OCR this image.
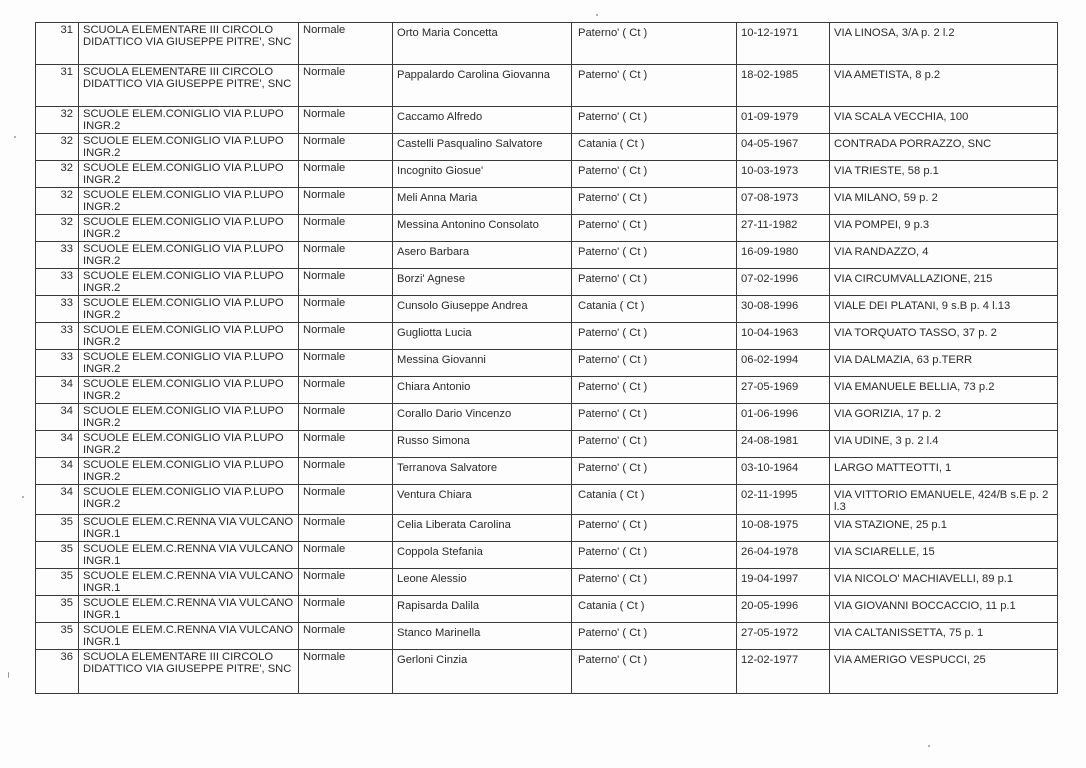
31	SCUOLA ELEMENTARE III CIRCOLO DIDATTICO VIA GIUSEPPE PITRE', SNC	Normale	Orto Maria Concetta	Paterno' ( Ct )	10-12-1971	VIA LINOSA, 3/A p. 2 l.2
31	SCUOLA ELEMENTARE III CIRCOLO DIDATTICO VIA GIUSEPPE PITRE', SNC	Normale	Pappalardo Carolina Giovanna	Paterno' ( Ct )	18-02-1985	VIA AMETISTA, 8 p.2
32	SCUOLE ELEM.CONIGLIO VIA P.LUPO INGR.2	Normale	Caccamo Alfredo	Paterno' ( Ct )	01-09-1979	VIA SCALA VECCHIA, 100
32	SCUOLE ELEM.CONIGLIO VIA P.LUPO INGR.2	Normale	Castelli Pasqualino Salvatore	Catania ( Ct )	04-05-1967	CONTRADA PORRAZZO, SNC
32	SCUOLE ELEM.CONIGLIO VIA P.LUPO INGR.2	Normale	Incognito Giosue'	Paterno' ( Ct )	10-03-1973	VIA TRIESTE, 58 p.1
32	SCUOLE ELEM.CONIGLIO VIA P.LUPO INGR.2	Normale	Meli Anna Maria	Paterno' ( Ct )	07-08-1973	VIA MILANO, 59 p. 2
32	SCUOLE ELEM.CONIGLIO VIA P.LUPO INGR.2	Normale	Messina Antonino Consolato	Paterno' ( Ct )	27-11-1982	VIA POMPEI, 9 p.3
33	SCUOLE ELEM.CONIGLIO VIA P.LUPO INGR.2	Normale	Asero Barbara	Paterno' ( Ct )	16-09-1980	VIA RANDAZZO, 4
33	SCUOLE ELEM.CONIGLIO VIA P.LUPO INGR.2	Normale	Borzi' Agnese	Paterno' ( Ct )	07-02-1996	VIA CIRCUMVALLAZIONE, 215
33	SCUOLE ELEM.CONIGLIO VIA P.LUPO INGR.2	Normale	Cunsolo Giuseppe Andrea	Catania ( Ct )	30-08-1996	VIALE DEI PLATANI, 9 s.B p. 4 l.13
33	SCUOLE ELEM.CONIGLIO VIA P.LUPO INGR.2	Normale	Gugliotta Lucia	Paterno' ( Ct )	10-04-1963	VIA TORQUATO TASSO, 37 p. 2
33	SCUOLE ELEM.CONIGLIO VIA P.LUPO INGR.2	Normale	Messina Giovanni	Paterno' ( Ct )	06-02-1994	VIA DALMAZIA, 63 p.TERR
34	SCUOLE ELEM.CONIGLIO VIA P.LUPO INGR.2	Normale	Chiara Antonio	Paterno' ( Ct )	27-05-1969	VIA EMANUELE BELLIA, 73 p.2
34	SCUOLE ELEM.CONIGLIO VIA P.LUPO INGR.2	Normale	Corallo Dario Vincenzo	Paterno' ( Ct )	01-06-1996	VIA GORIZIA, 17 p. 2
34	SCUOLE ELEM.CONIGLIO VIA P.LUPO INGR.2	Normale	Russo Simona	Paterno' ( Ct )	24-08-1981	VIA UDINE, 3 p. 2 l.4
34	SCUOLE ELEM.CONIGLIO VIA P.LUPO INGR.2	Normale	Terranova Salvatore	Paterno' ( Ct )	03-10-1964	LARGO MATTEOTTI, 1
34	SCUOLE ELEM.CONIGLIO VIA P.LUPO INGR.2	Normale	Ventura Chiara	Catania ( Ct )	02-11-1995	VIA VITTORIO EMANUELE, 424/B s.E p. 2 l.3
35	SCUOLE ELEM.C.RENNA VIA VULCANO INGR.1	Normale	Celia Liberata Carolina	Paterno' ( Ct )	10-08-1975	VIA STAZIONE, 25 p.1
35	SCUOLE ELEM.C.RENNA VIA VULCANO INGR.1	Normale	Coppola Stefania	Paterno' ( Ct )	26-04-1978	VIA SCIARELLE, 15
35	SCUOLE ELEM.C.RENNA VIA VULCANO INGR.1	Normale	Leone Alessio	Paterno' ( Ct )	19-04-1997	VIA NICOLO' MACHIAVELLI, 89 p.1
35	SCUOLE ELEM.C.RENNA VIA VULCANO INGR.1	Normale	Rapisarda Dalila	Catania ( Ct )	20-05-1996	VIA GIOVANNI BOCCACCIO, 11 p.1
35	SCUOLE ELEM.C.RENNA VIA VULCANO INGR.1	Normale	Stanco Marinella	Paterno' ( Ct )	27-05-1972	VIA CALTANISSETTA, 75 p. 1
36	SCUOLA ELEMENTARE III CIRCOLO DIDATTICO VIA GIUSEPPE PITRE', SNC	Normale	Gerloni Cinzia	Paterno' ( Ct )	12-02-1977	VIA AMERIGO VESPUCCI, 25
